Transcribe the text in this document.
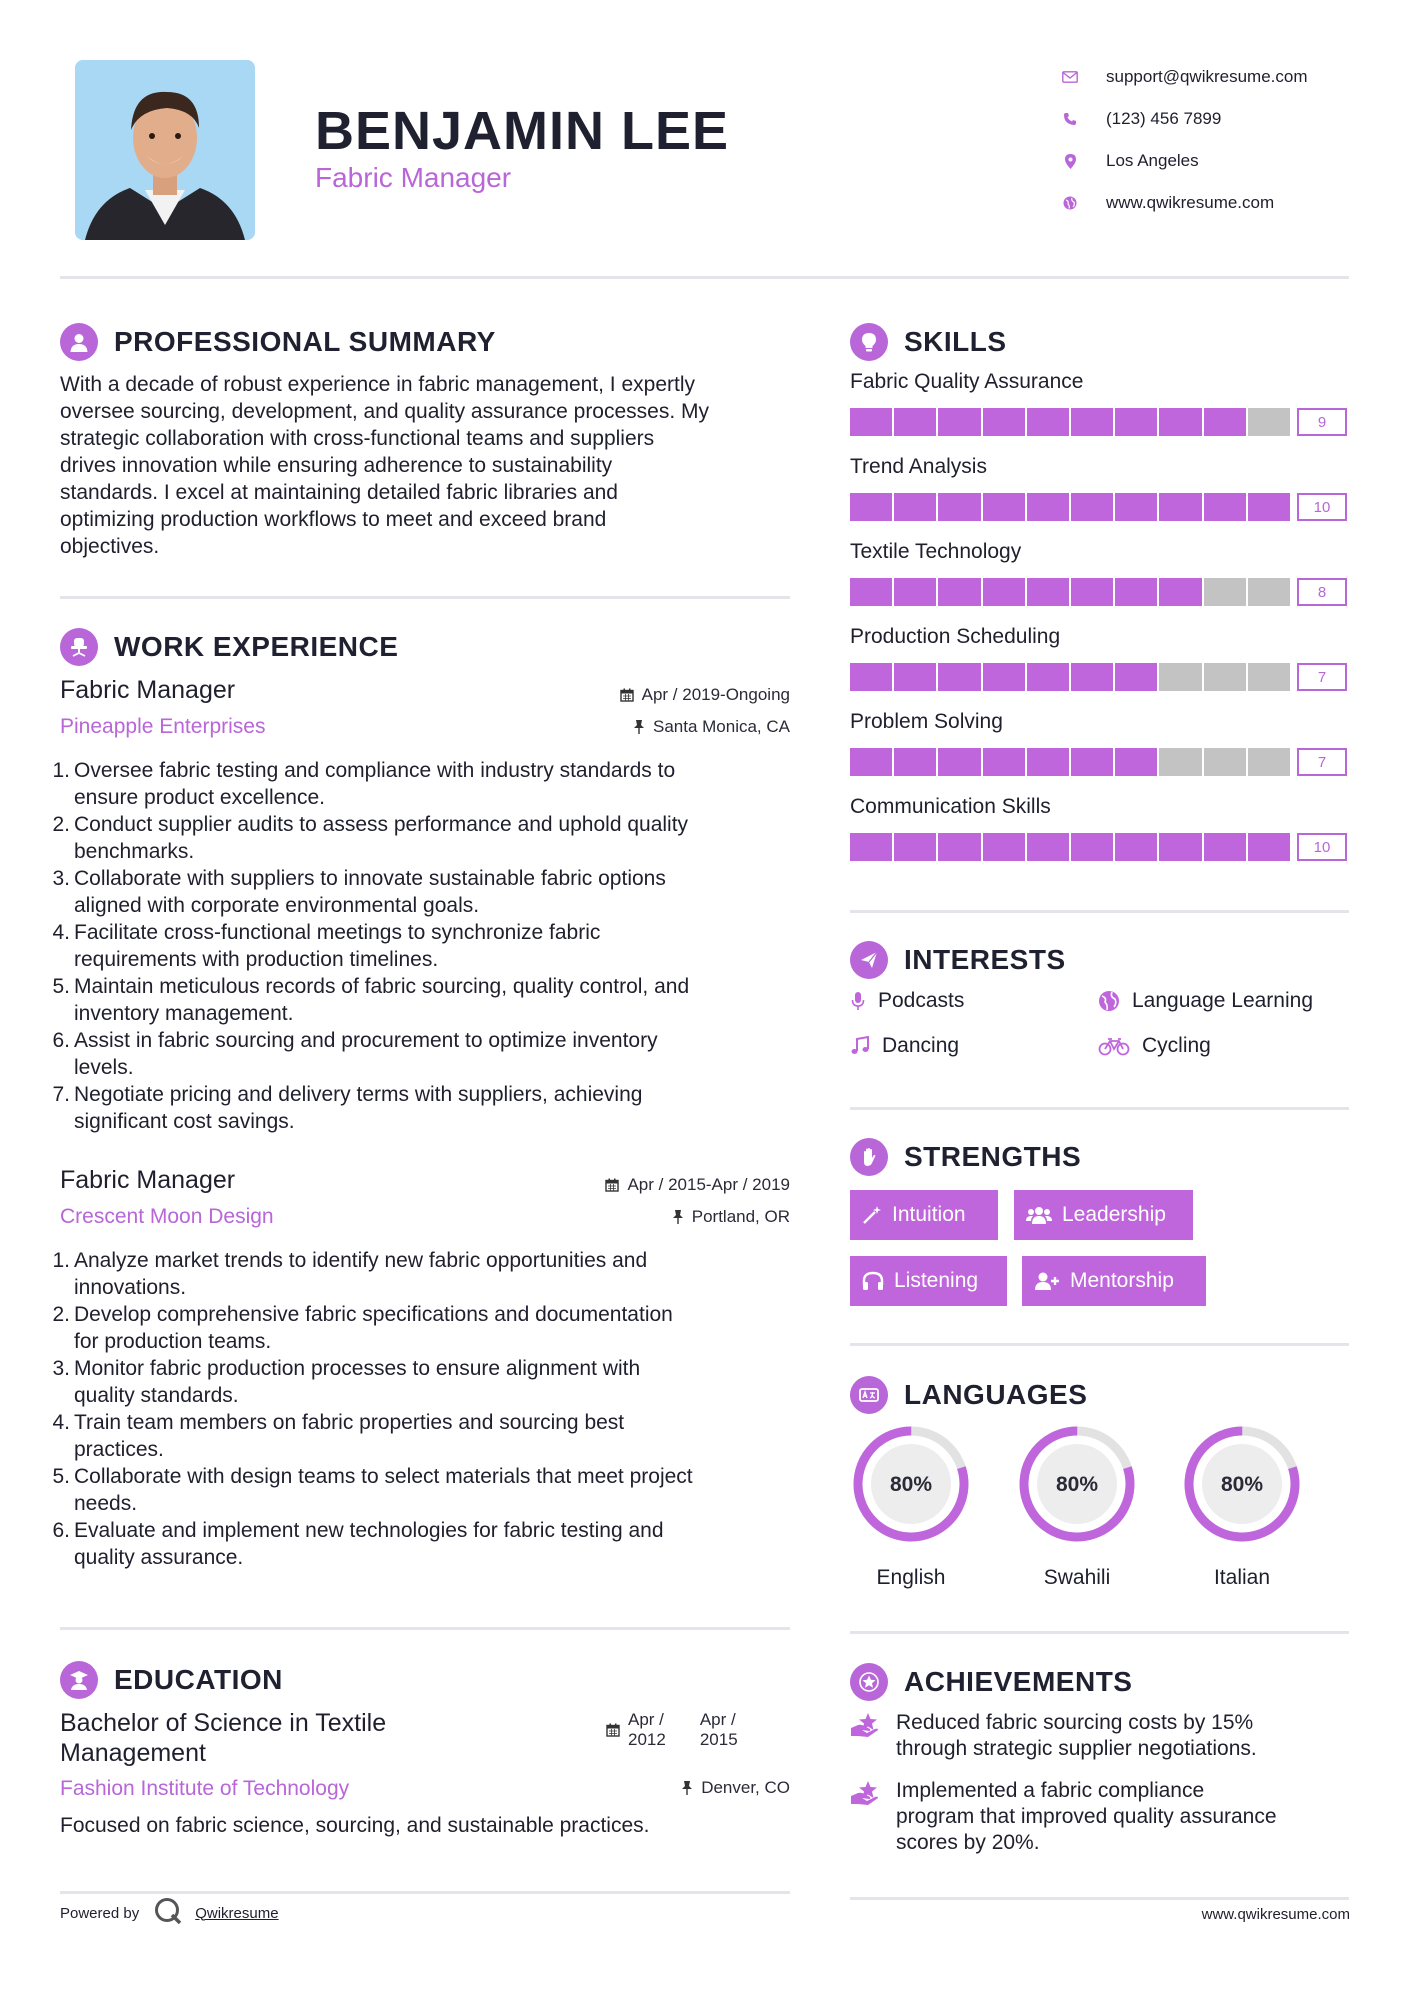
BENJAMIN LEE
Fabric Manager
support@qwikresume.com
(123) 456 7899
Los Angeles
www.qwikresume.com
PROFESSIONAL SUMMARY
With a decade of robust experience in fabric management, I expertly
oversee sourcing, development, and quality assurance processes. My
strategic collaboration with cross-functional teams and suppliers
drives innovation while ensuring adherence to sustainability
standards. I excel at maintaining detailed fabric libraries and
optimizing production workflows to meet and exceed brand
objectives.
WORK EXPERIENCE
Fabric Manager
Pineapple Enterprises
Apr / 2019-Ongoing
Santa Monica, CA
1. Oversee fabric testing and compliance with industry standards to
ensure product excellence.
2. Conduct supplier audits to assess performance and uphold quality
benchmarks.
3. Collaborate with suppliers to innovate sustainable fabric options
aligned with corporate environmental goals.
4. Facilitate cross-functional meetings to synchronize fabric
requirements with production timelines.
5. Maintain meticulous records of fabric sourcing, quality control, and
inventory management.
6. Assist in fabric sourcing and procurement to optimize inventory
levels.
7. Negotiate pricing and delivery terms with suppliers, achieving
significant cost savings.
Fabric Manager
Crescent Moon Design
Apr / 2015-Apr / 2019
Portland, OR
1. Analyze market trends to identify new fabric opportunities and
innovations.
2. Develop comprehensive fabric specifications and documentation
for production teams.
3. Monitor fabric production processes to ensure alignment with
quality standards.
4. Train team members on fabric properties and sourcing best
practices.
5. Collaborate with design teams to select materials that meet project
needs.
6. Evaluate and implement new technologies for fabric testing and
quality assurance.
EDUCATION
Bachelor of Science in Textile
Management
Fashion Institute of Technology
Apr /
2012
Apr /
2015
Denver, CO
Focused on fabric science, sourcing, and sustainable practices.
SKILLS
Fabric Quality Assurance
9
Trend Analysis
10
Textile Technology
8
Production Scheduling
7
Problem Solving
7
Communication Skills
10
INTERESTS
Podcasts	Language Learning
Dancing	Cycling
STRENGTHS
Intuition	Leadership
Listening	Mentorship
LANGUAGES
80%
English
80%
Swahili
80%
Italian
ACHIEVEMENTS
Reduced fabric sourcing costs by 15%
through strategic supplier negotiations.
Implemented a fabric compliance
program that improved quality assurance
scores by 20%.
Powered by	Qwikresume	www.qwikresume.com
